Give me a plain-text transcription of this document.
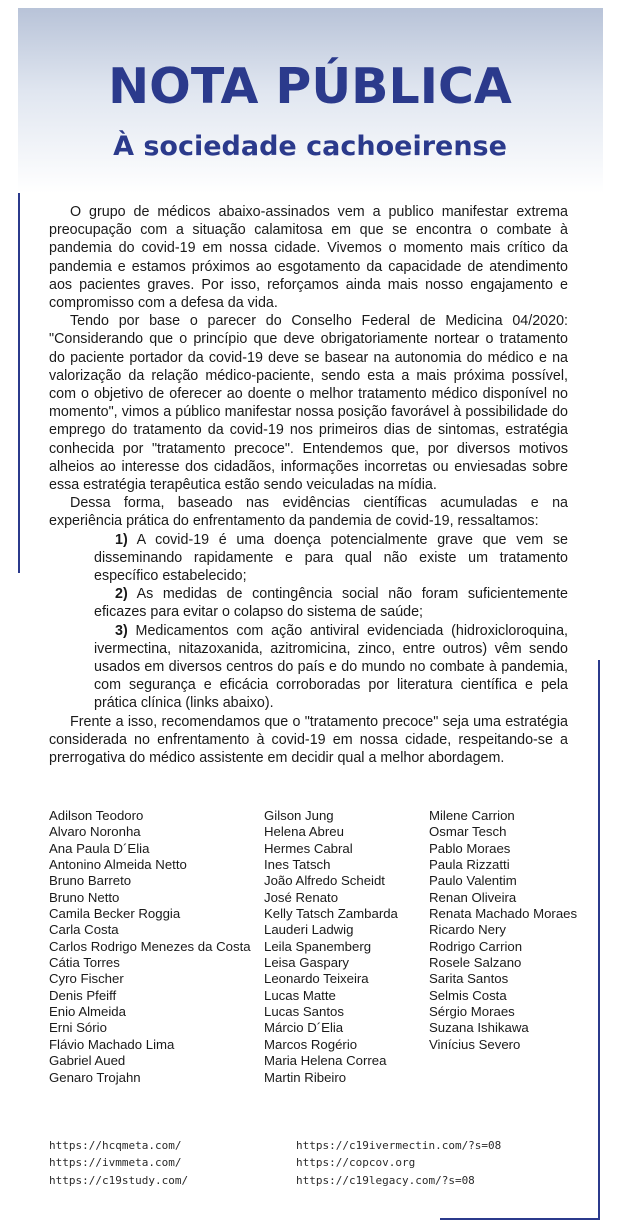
NOTA PÚBLICA
À sociedade cachoeirense

O grupo de médicos abaixo-assinados vem a publico manifestar extrema preocupação com a situação calamitosa em que se encontra o combate à pandemia do covid-19 em nossa cidade. Vivemos o momento mais crítico da pandemia e estamos próximos ao esgotamento da capacidade de atendimento aos pacientes graves. Por isso, reforçamos ainda mais nosso engajamento e compromisso com a defesa da vida.

Tendo por base o parecer do Conselho Federal de Medicina 04/2020: "Considerando que o princípio que deve obrigatoriamente nortear o tratamento do paciente portador da covid-19 deve se basear na autonomia do médico e na valorização da relação médico-paciente, sendo esta a mais próxima possível, com o objetivo de oferecer ao doente o melhor tratamento médico disponível no momento", vimos a público manifestar nossa posição favorável à possibilidade do emprego do tratamento da covid-19 nos primeiros dias de sintomas, estratégia conhecida por "tratamento precoce". Entendemos que, por diversos motivos alheios ao interesse dos cidadãos, informações incorretas ou enviesadas sobre essa estratégia terapêutica estão sendo veiculadas na mídia.

Dessa forma, baseado nas evidências científicas acumuladas e na experiência prática do enfrentamento da pandemia de covid-19, ressaltamos:

1) A covid-19 é uma doença potencialmente grave que vem se disseminando rapidamente e para qual não existe um tratamento específico estabelecido;

2) As medidas de contingência social não foram suficientemente eficazes para evitar o colapso do sistema de saúde;

3) Medicamentos com ação antiviral evidenciada (hidroxicloroquina, ivermectina, nitazoxanida, azitromicina, zinco, entre outros) vêm sendo usados em diversos centros do país e do mundo no combate à pandemia, com segurança e eficácia corroboradas por literatura científica e pela prática clínica (links abaixo).

Frente a isso, recomendamos que o "tratamento precoce" seja uma estratégia considerada no enfrentamento à covid-19 em nossa cidade, respeitando-se a prerrogativa do médico assistente em decidir qual a melhor abordagem.

Adilson Teodoro
Alvaro Noronha
Ana Paula D´Elia
Antonino Almeida Netto
Bruno Barreto
Bruno Netto
Camila Becker Roggia
Carla Costa
Carlos Rodrigo Menezes da Costa
Cátia Torres
Cyro Fischer
Denis Pfeiff
Enio Almeida
Erni Sório
Flávio Machado Lima
Gabriel Aued
Genaro Trojahn
Gilson Jung
Helena Abreu
Hermes Cabral
Ines Tatsch
João Alfredo Scheidt
José Renato
Kelly Tatsch Zambarda
Lauderi Ladwig
Leila Spanemberg
Leisa Gaspary
Leonardo Teixeira
Lucas Matte
Lucas Santos
Márcio D´Elia
Marcos Rogério
Maria Helena Correa
Martin Ribeiro
Milene Carrion
Osmar Tesch
Pablo Moraes
Paula Rizzatti
Paulo Valentim
Renan Oliveira
Renata Machado Moraes
Ricardo Nery
Rodrigo Carrion
Rosele Salzano
Sarita Santos
Selmis Costa
Sérgio Moraes
Suzana Ishikawa
Vinícius Severo
https://hcqmeta.com/
https://ivmmeta.com/
https://c19study.com/
https://c19ivermectin.com/?s=08
https://copcov.org
https://c19legacy.com/?s=08
